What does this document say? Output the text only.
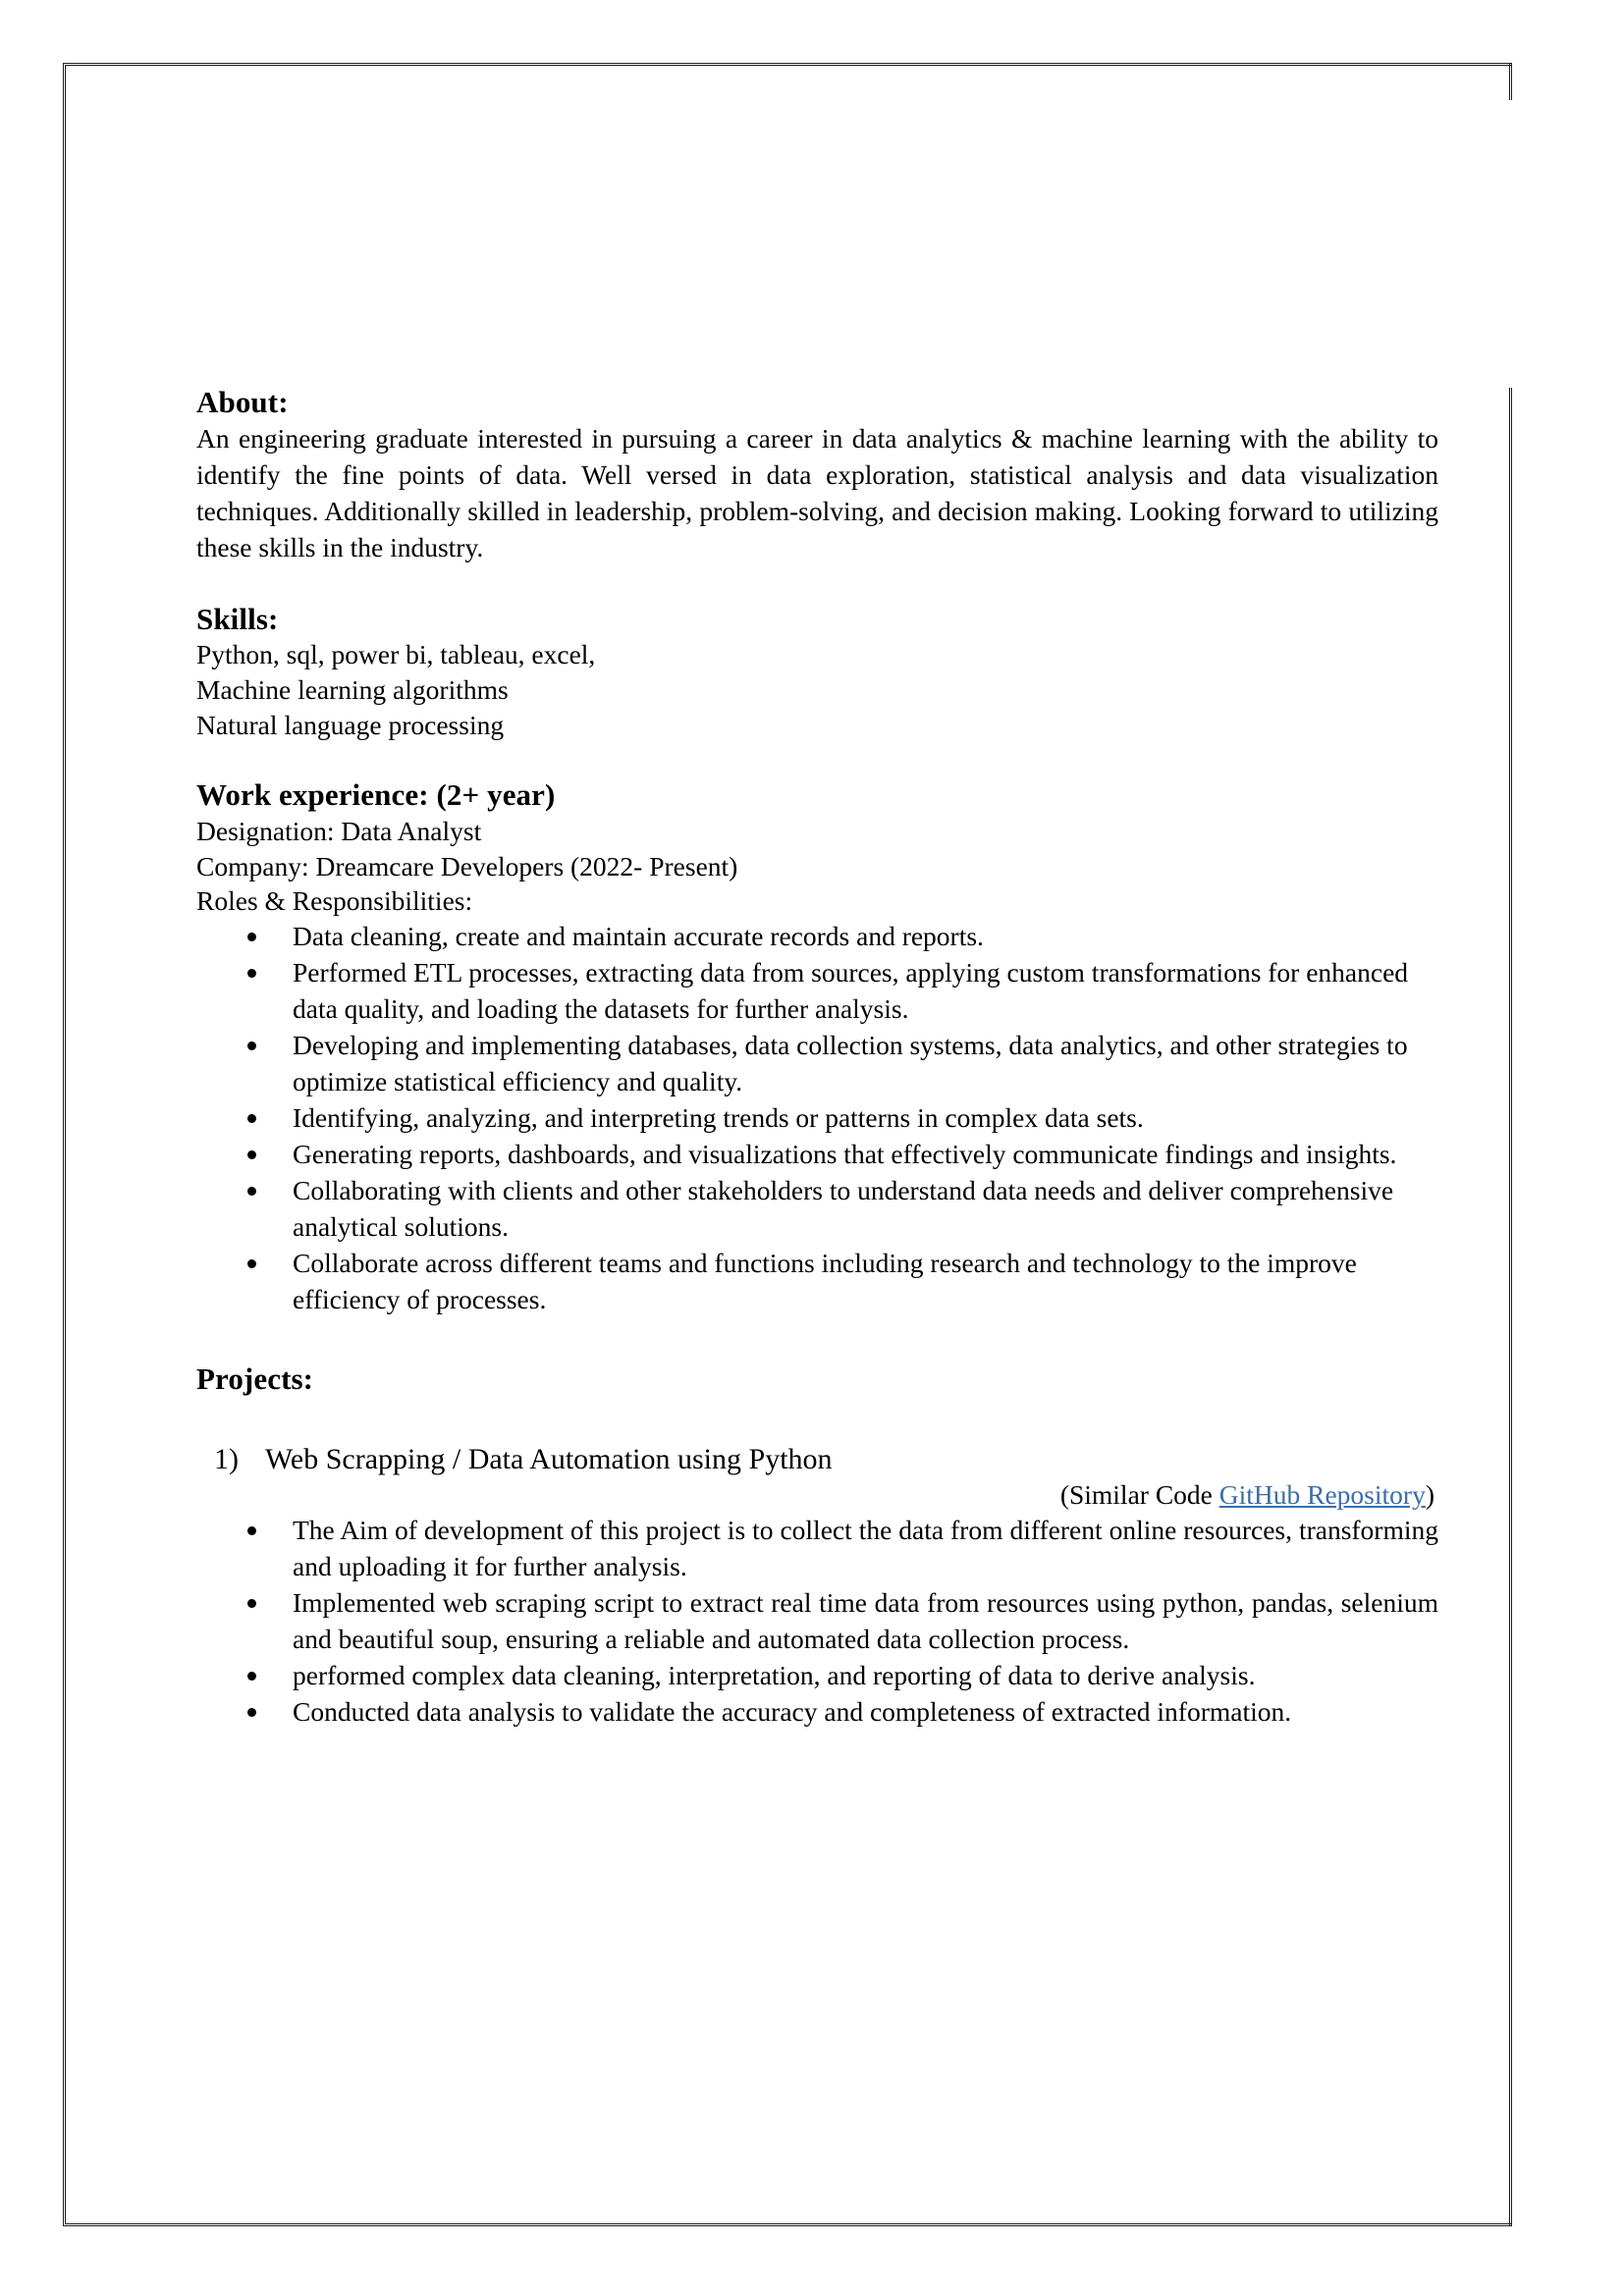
About:

An engineering graduate interested in pursuing a career in data analytics & machine learning with the ability to identify the fine points of data. Well versed in data exploration, statistical analysis and data visualization techniques. Additionally skilled in leadership, problem-solving, and decision making. Looking forward to utilizing these skills in the industry.

Skills:

Python, sql, power bi, tableau, excel,

Machine learning algorithms

Natural language processing

Work experience: (2+ year)

Designation: Data Analyst

Company: Dreamcare Developers (2022- Present)

Roles & Responsibilities:

Data cleaning, create and maintain accurate records and reports.
Performed ETL processes, extracting data from sources, applying custom transformations for enhanced data quality, and loading the datasets for further analysis.
Developing and implementing databases, data collection systems, data analytics, and other strategies to optimize statistical efficiency and quality.
Identifying, analyzing, and interpreting trends or patterns in complex data sets.
Generating reports, dashboards, and visualizations that effectively communicate findings and insights.
Collaborating with clients and other stakeholders to understand data needs and deliver comprehensive analytical solutions.
Collaborate across different teams and functions including research and technology to the improve efficiency of processes.
Projects:
1) Web Scrapping / Data Automation using Python
(Similar Code GitHub Repository)
The Aim of development of this project is to collect the data from different online resources, transforming and uploading it for further analysis.
Implemented web scraping script to extract real time data from resources using python, pandas, selenium and beautiful soup, ensuring a reliable and automated data collection process.
performed complex data cleaning, interpretation, and reporting of data to derive analysis.
Conducted data analysis to validate the accuracy and completeness of extracted information.
